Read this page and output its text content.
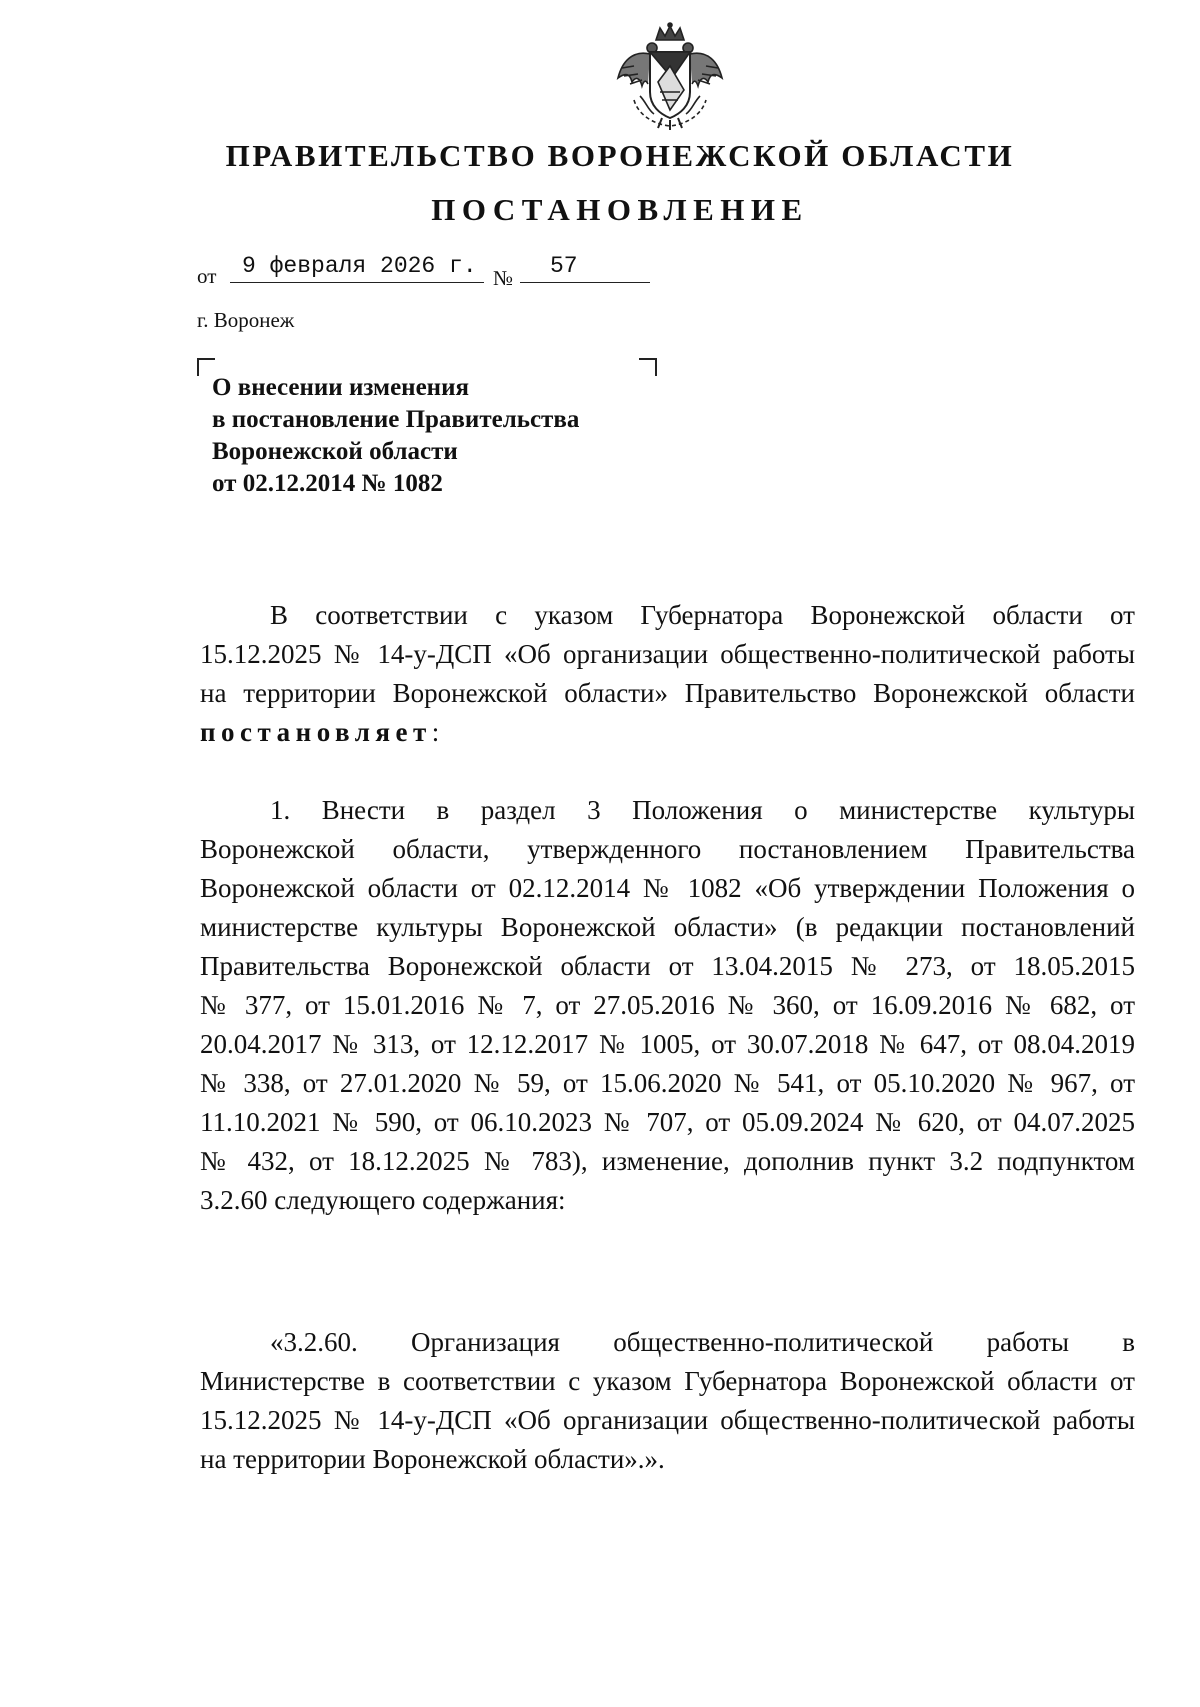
ПРАВИТЕЛЬСТВО ВОРОНЕЖСКОЙ ОБЛАСТИ
ПОСТАНОВЛЕНИЕ
от 9 февраля 2026 г. № 57
г. Воронеж
О внесении изменения
в постановление Правительства
Воронежской области
от 02.12.2014 № 1082
В соответствии с указом Губернатора Воронежской области от
15.12.2025 № 14-у-ДСП «Об организации общественно-политической работы
на территории Воронежской области» Правительство Воронежской области
постановляет:
1. Внести в раздел 3 Положения о министерстве культуры
Воронежской области, утвержденного постановлением Правительства
Воронежской области от 02.12.2014 № 1082 «Об утверждении Положения о
министерстве культуры Воронежской области» (в редакции постановлений
Правительства Воронежской области от 13.04.2015 № 273, от 18.05.2015
№ 377, от 15.01.2016 № 7, от 27.05.2016 № 360, от 16.09.2016 № 682, от
20.04.2017 № 313, от 12.12.2017 № 1005, от 30.07.2018 № 647, от 08.04.2019
№ 338, от 27.01.2020 № 59, от 15.06.2020 № 541, от 05.10.2020 № 967, от
11.10.2021 № 590, от 06.10.2023 № 707, от 05.09.2024 № 620, от 04.07.2025
№ 432, от 18.12.2025 № 783), изменение, дополнив пункт 3.2 подпунктом
3.2.60 следующего содержания:
«3.2.60. Организация общественно-политической работы в
Министерстве в соответствии с указом Губернатора Воронежской области от
15.12.2025 № 14-у-ДСП «Об организации общественно-политической работы
на территории Воронежской области».».
